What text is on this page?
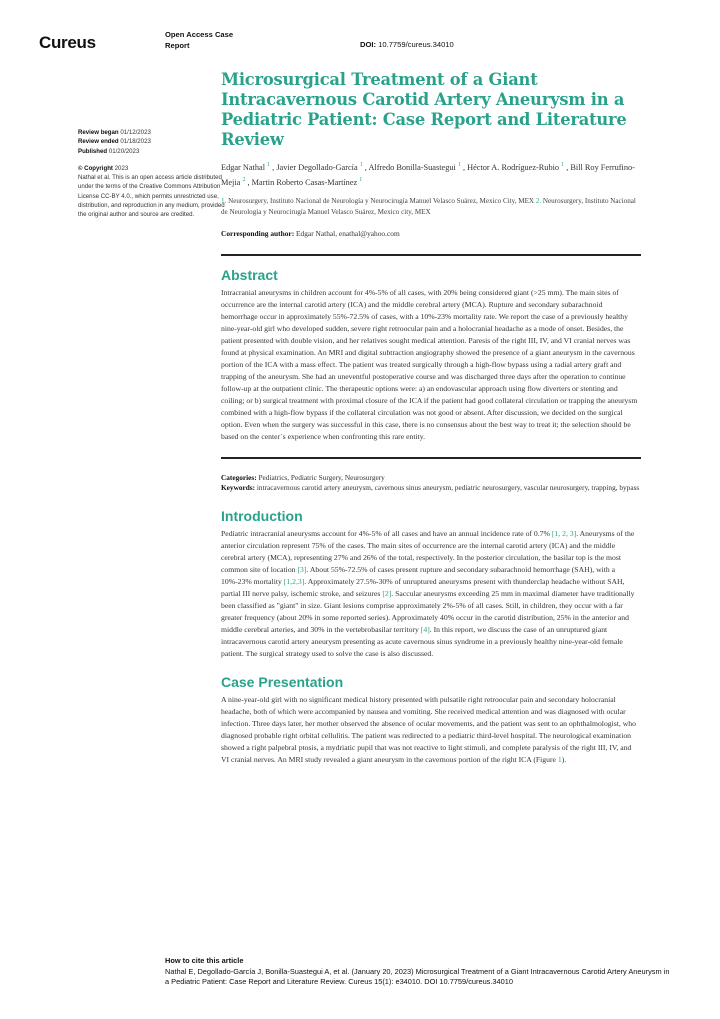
Cureus	Open Access Case Report	DOI: 10.7759/cureus.34010
Review began 01/12/2023
Review ended 01/18/2023
Published 01/20/2023
© Copyright 2023
Nathal et al. This is an open access article distributed under the terms of the Creative Commons Attribution License CC-BY 4.0., which permits unrestricted use, distribution, and reproduction in any medium, provided the original author and source are credited.
Microsurgical Treatment of a Giant Intracavernous Carotid Artery Aneurysm in a Pediatric Patient: Case Report and Literature Review
Edgar Nathal $^1$ , Javier Degollado-García $^1$ , Alfredo Bonilla-Suastegui $^1$ , Héctor A. Rodríguez-Rubio $^1$ , Bill Roy Ferrufino-Mejia $^2$ , Martin Roberto Casas-Martínez $^1$
1. Neurosurgery, Instituto Nacional de Neurología y Neurocirugía Manuel Velasco Suárez, Mexico City, MEX 2. Neurosurgery, Instituto Nacional de Neurología y Neurocirugía Manuel Velasco Suárez, Mexico city, MEX
Corresponding author: Edgar Nathal, enathal@yahoo.com
Abstract

Intracranial aneurysms in children account for 4%-5% of all cases, with 20% being considered giant (>25 mm). The main sites of occurrence are the internal carotid artery (ICA) and the middle cerebral artery (MCA). Rupture and secondary subarachnoid hemorrhage occur in approximately 55%-72.5% of cases, with a 10%-23% mortality rate. We report the case of a previously healthy nine-year-old girl who developed sudden, severe right retroocular pain and a holocranial headache as a mode of onset. Besides, the patient presented with double vision, and her relatives sought medical attention. Paresis of the right III, IV, and VI cranial nerves was found at physical examination. An MRI and digital subtraction angiography showed the presence of a giant aneurysm in the cavernous portion of the ICA with a mass effect. The patient was treated surgically through a high-flow bypass using a radial artery graft and trapping of the aneurysm. She had an uneventful postoperative course and was discharged three days after the operation to continue follow-up at the outpatient clinic. The therapeutic options were: a) an endovascular approach using flow diverters or stenting and coiling; or b) surgical treatment with proximal closure of the ICA if the patient had good collateral circulation or trapping the aneurysm combined with a high-flow bypass if the collateral circulation was not good or absent. After discussion, we decided on the surgical option. Even when the surgery was successful in this case, there is no consensus about the best way to treat it; the selection should be based on the center´s experience when confronting this rare entity.

Categories: Pediatrics, Pediatric Surgery, Neurosurgery
Keywords: intracavernous carotid artery aneurysm, cavernous sinus aneurysm, pediatric neurosurgery, vascular neurosurgery, trapping, bypass
Introduction

Pediatric intracranial aneurysms account for 4%-5% of all cases and have an annual incidence rate of 0.7% [1, 2, 3]. Aneurysms of the anterior circulation represent 75% of the cases. The main sites of occurrence are the internal carotid artery (ICA) and the middle cerebral artery (MCA), representing 27% and 26% of the total, respectively. In the posterior circulation, the basilar top is the most common site of location [3]. About 55%-72.5% of cases present rupture and secondary subarachnoid hemorrhage (SAH), with a 10%-23% mortality [1,2,3]. Approximately 27.5%-30% of unruptured aneurysms present with thunderclap headache without SAH, partial III nerve palsy, ischemic stroke, and seizures [2]. Saccular aneurysms exceeding 25 mm in maximal diameter have traditionally been classified as "giant" in size. Giant lesions comprise approximately 2%-5% of all cases. Still, in children, they occur with a far greater frequency (about 20% in some reported series). Approximately 40% occur in the carotid distribution, 25% in the anterior and middle cerebral arteries, and 30% in the vertebrobasilar territory [4]. In this report, we discuss the case of an unruptured giant intracavernous carotid artery aneurysm presenting as acute cavernous sinus syndrome in a previously healthy nine-year-old female patient. The surgical strategy used to solve the case is also discussed.

Case Presentation

A nine-year-old girl with no significant medical history presented with pulsatile right retroocular pain and secondary holocranial headache, both of which were accompanied by nausea and vomiting. She received medical attention and was diagnosed with ocular infection. Three days later, her mother observed the absence of ocular movements, and the patient was sent to an ophthalmologist, who diagnosed probable right orbital cellulitis. The patient was redirected to a pediatric third-level hospital. The neurological examination showed a right palpebral ptosis, a mydriatic pupil that was not reactive to light stimuli, and complete paralysis of the right III, IV, and VI cranial nerves. An MRI study revealed a giant aneurysm in the cavernous portion of the right ICA (Figure 1).

How to cite this article
Nathal E, Degollado-García J, Bonilla-Suastegui A, et al. (January 20, 2023) Microsurgical Treatment of a Giant Intracavernous Carotid Artery Aneurysm in a Pediatric Patient: Case Report and Literature Review. Cureus 15(1): e34010. DOI 10.7759/cureus.34010
